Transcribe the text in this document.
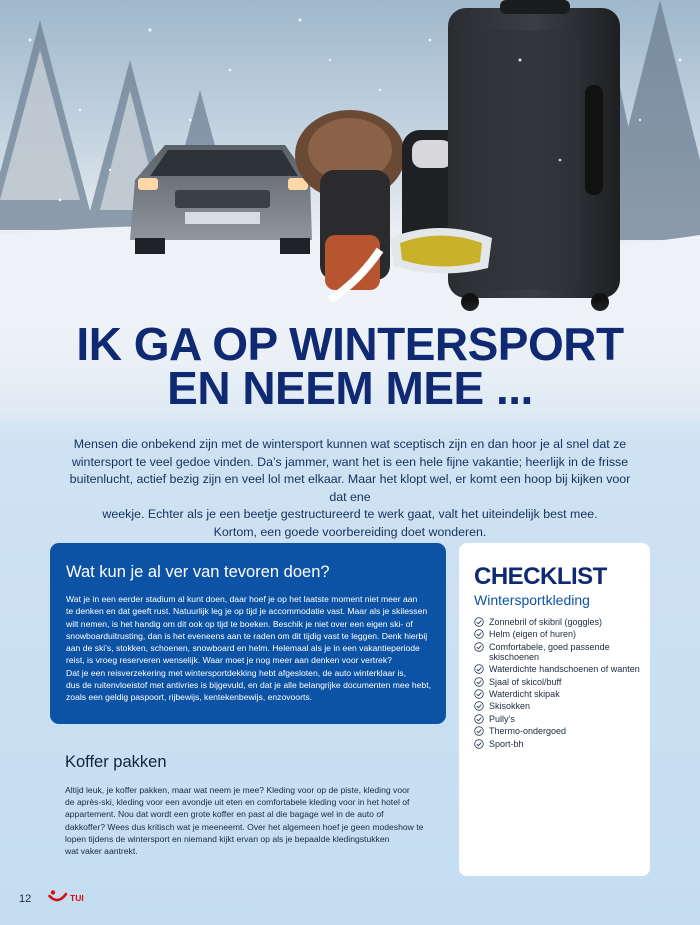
IK GA OP WINTERSPORT
EN NEEM MEE ...

Mensen die onbekend zijn met de wintersport kunnen wat sceptisch zijn en dan hoor je al snel dat ze

wintersport te veel gedoe vinden. Da’s jammer, want het is een hele fijne vakantie; heerlijk in de frisse

buitenlucht, actief bezig zijn en veel lol met elkaar. Maar het klopt wel, er komt een hoop bij kijken voor dat ene

weekje. Echter als je een beetje gestructureerd te werk gaat, valt het uiteindelijk best mee.

Kortom, een goede voorbereiding doet wonderen.

Wat kun je al ver van tevoren doen?

Wat je in een eerder stadium al kunt doen, daar hoef je op het laatste moment niet meer aan

te denken en dat geeft rust. Natuurlijk leg je op tijd je accommodatie vast. Maar als je skilessen

wilt nemen, is het handig om dit ook op tijd te boeken. Beschik je niet over een eigen ski- of

snowboarduitrusting, dan is het eveneens aan te raden om dit tijdig vast te leggen. Denk hierbij

aan de ski’s, stokken, schoenen, snowboard en helm. Helemaal als je in een vakantieperiode

reist, is vroeg reserveren wenselijk. Waar moet je nog meer aan denken voor vertrek?

Dat je een reisverzekering met wintersportdekking hebt afgesloten, de auto winterklaar is,

dus de ruitenvloeistof met antivries is bijgevuld, en dat je alle belangrijke documenten mee hebt,

zoals een geldig paspoort, rijbewijs, kentekenbewijs, enzovoorts.

Koffer pakken
Altijd leuk, je koffer pakken, maar wat neem je mee? Kleding voor op de piste, kleding voor
de après-ski, kleding voor een avondje uit eten en comfortabele kleding voor in het hotel of
appartement. Nou dat wordt een grote koffer en past al die bagage wel in de auto of
dakkoffer? Wees dus kritisch wat je meeneemt. Over het algemeen hoef je geen modeshow te
lopen tijdens de wintersport en niemand kijkt ervan op als je bepaalde kledingstukken
wat vaker aantrekt.
CHECKLIST
Wintersportkleding
Zonnebril of skibril (goggles)
Helm (eigen of huren)
Comfortabele, goed passende skischoenen
Waterdichte handschoenen of wanten
Sjaal of skicol/buff
Waterdicht skipak
Skisokken
Pully’s
Thermo-ondergoed
Sport-bh
12	TUI
